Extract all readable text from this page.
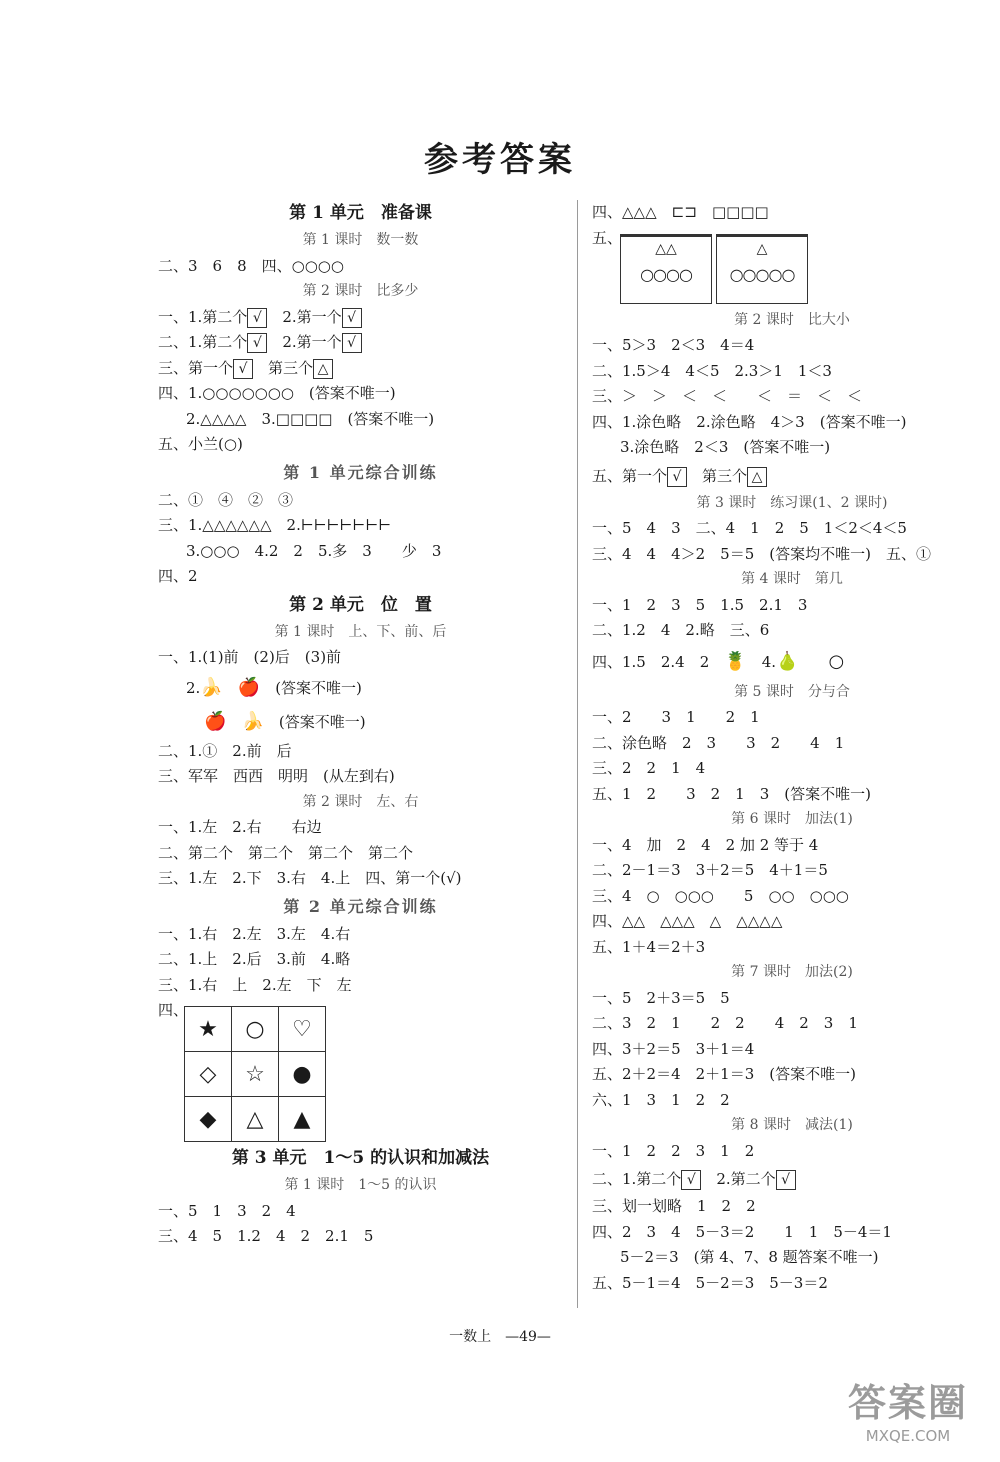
参考答案
第 1 单元　准备课
第 1 课时　数一数
二、3　6　8　四、○○○○
第 2 课时　比多少
一、1.第二个 √　 2.第一个 √
二、1.第二个 √　 2.第一个 √
三、第一个 √　 第三个 △
四、1.○○○○○○○　(答案不唯一)
2.△△△△　3.□□□□　(答案不唯一)
五、小兰(○)
第 1 单元综合训练
二、①　④　②　③
三、1.△△△△△△　2.⊢⊢⊢⊢⊢⊢⊢
3.○○○　4.2　2　5.多　3　　少　3
四、2
第 2 单元　位　置
第 1 课时　上、下、前、后
一、1.(1)前　(2)后　(3)前
2.🍌　 🍎　 (答案不唯一)
🍎　 🍌　 (答案不唯一)
二、1.①　2.前　后
三、军军　西西　明明　(从左到右)
第 2 课时　左、右
一、1.左　2.右　　右边
二、第二个　第二个　第二个　第二个
三、1.左　2.下　3.右　4.上　四、第一个(√)
第 2 单元综合训练
一、1.右　2.左　3.左　4.右
二、1.上　2.后　3.前　4.略
三、1.右　上　2.左　下　左
四、
★	○	♡
◇	☆	●
◆	△	▲
第 3 单元　1～5 的认识和加减法
第 1 课时　1～5 的认识
一、5　1　3　2　4
三、4　5　1.2　4　2　2.1　5
四、△△△　⊏⊐　□□□□
五、
△△
○○○○
△
○○○○○
第 2 课时　比大小
一、5＞3　2＜3　4＝4
二、1.5＞4　4＜5　2.3＞1　1＜3
三、＞　＞　＜　＜　　＜　＝　＜　＜
四、1.涂色略　2.涂色略　4＞3　(答案不唯一)
3.涂色略　2＜3　(答案不唯一)
五、第一个 √　 第三个 △
第 3 课时　练习课(1、2 课时)
一、5　4　3　二、4　1　2　5　1＜2＜4＜5
三、4　4　4＞2　5＝5　(答案均不唯一)　五、①
第 4 课时　第几
一、1　2　3　5　1.5　2.1　3
二、1.2　4　2.略　三、6
四、1.5　2.4　2　 🍍　 4.🍐　　 ○
第 5 课时　分与合
一、2　　3　1　　2　1
二、涂色略　2　3　　3　2　　4　1
三、2　2　1　4
五、1　2　　3　2　1　3　(答案不唯一)
第 6 课时　加法(1)
一、4　加　2　4　2 加 2 等于 4
二、2－1＝3　3＋2＝5　4＋1＝5
三、4　○　○○○　　5　○○　○○○
四、△△　△△△　△　△△△△
五、1＋4＝2＋3
第 7 课时　加法(2)
一、5　2＋3＝5　5
二、3　2　1　　2　2　　4　2　3　1
四、3＋2＝5　3＋1＝4
五、2＋2＝4　2＋1＝3　(答案不唯一)
六、1　3　1　2　2
第 8 课时　减法(1)
一、1　2　2　3　1　2
二、1.第二个 √　 2.第二个 √
三、划一划略　1　2　2
四、2　3　4　5－3＝2　　1　1　5－4＝1
5－2＝3　(第 4、7、8 题答案不唯一)
五、5－1＝4　5－2＝3　5－3＝2
一数上　—49—
答案圈
MXQE.COM
